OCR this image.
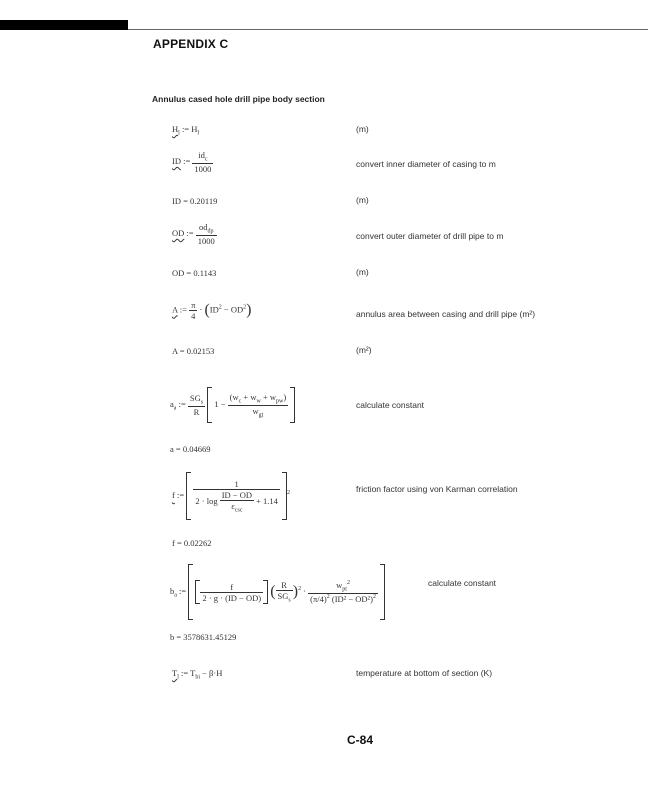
APPENDIX C
Annulus cased hole drill pipe body section
$H_l$ := $H_l$	(m)
ID := $\frac{id_c}{1000}$	convert inner diameter of casing to m
ID = 0.20119	(m)
OD := $\frac{od_{dp}}{1000}$	convert outer diameter of drill pipe to m
OD = 0.1143	(m)
A := $\frac{\pi}{4} \cdot (ID^2 - OD^2)$	annulus area between casing and drill pipe (m²)
A = 0.02153	(m²)
$a_a$ := $\frac{SG_s}{R} 1 - \frac{(w_c + w_w + w_{pw})}{w_{gt}}$
	calculate constant
a = 0.04669
f := $\frac{1}{2 \cdot \log \frac{ID - OD}{\varepsilon_{csc}} + 1.14} ^2$	friction factor using von Karman correlation
f = 0.02262
$b_a$ := $\frac{f}{2 \cdot g \cdot (ID - OD)}$ ( $\frac{R}{SG_s} )^2 \cdot \frac{w_{pt}^2}{(\pi/4)^2 (ID^2 - OD^2)^2}$
	calculate constant
b = 3578631.45129
$T_l$ := $T_{bi} - \beta\cdot H$	temperature at bottom of section (K)
C-84
